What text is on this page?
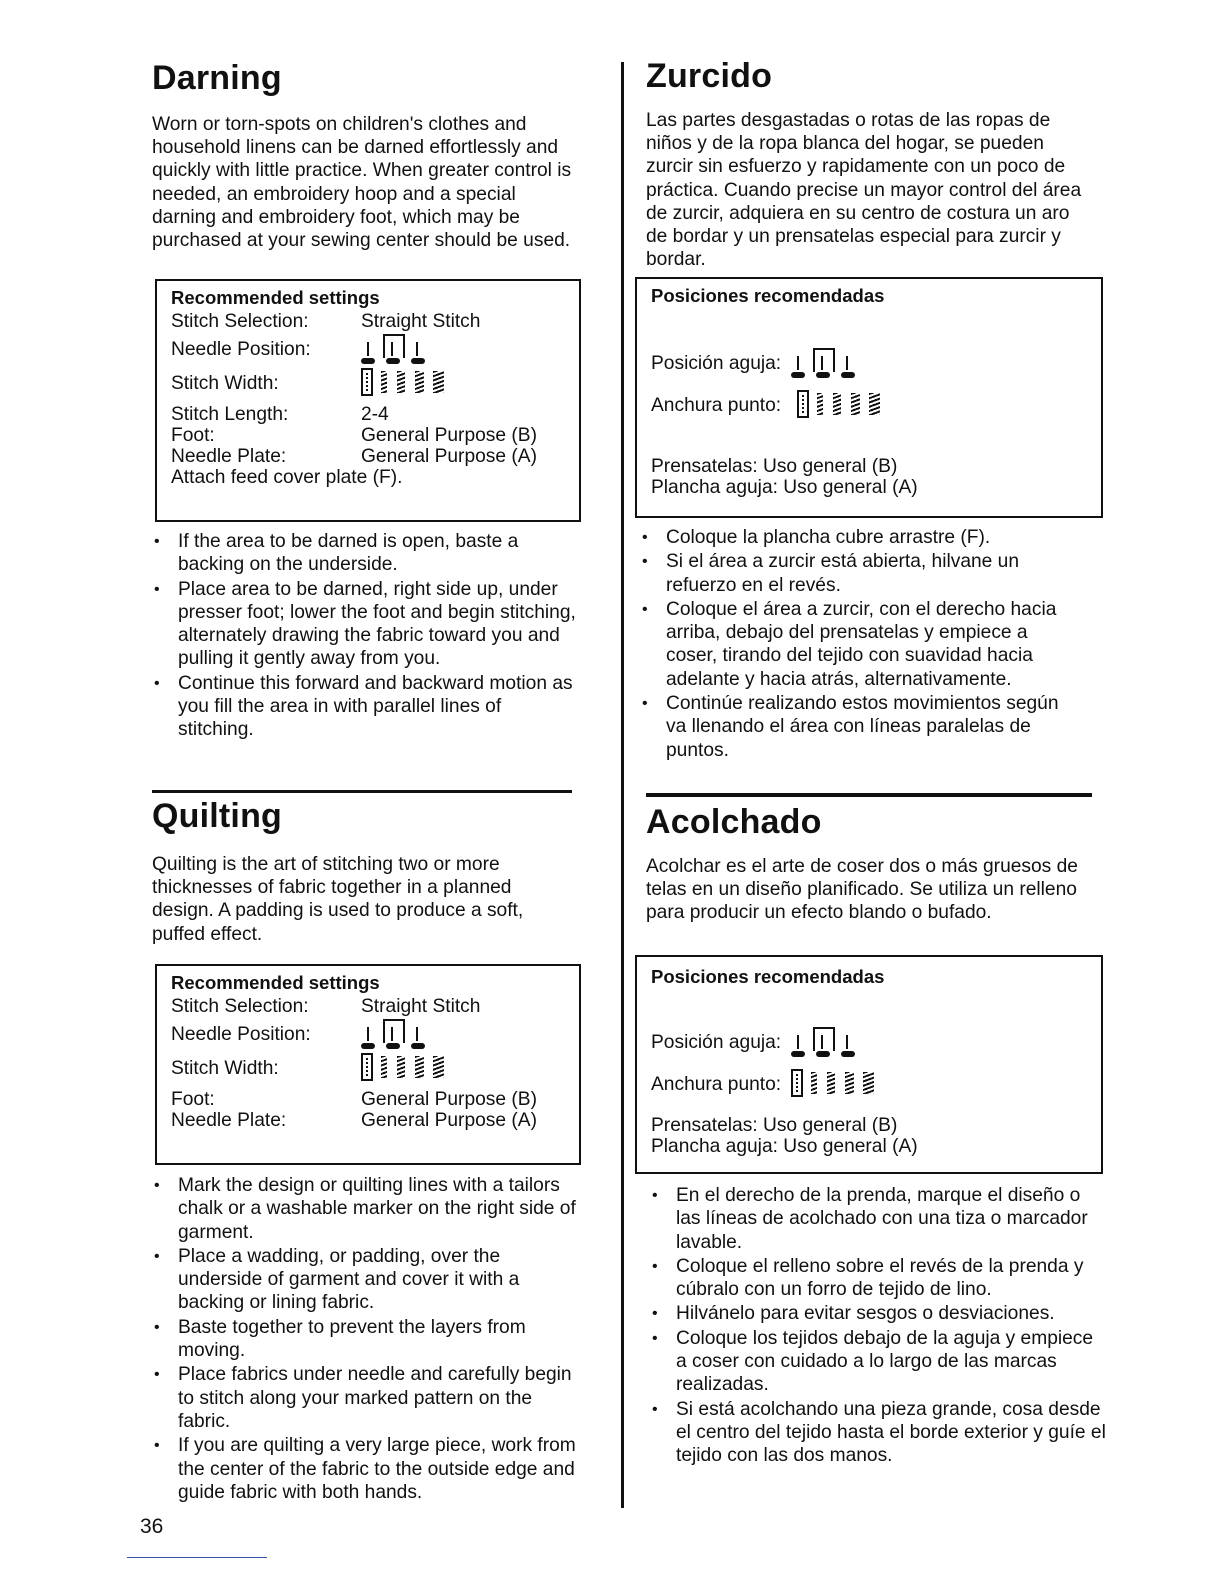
Darning

Worn or torn-spots on children's clothes and household linens can be darned effortlessly and quickly with little practice. When greater control is needed, an embroidery hoop and a special darning and embroidery foot, which may be purchased at your sewing center should be used.

Recommended settings
Stitch Selection:	Straight Stitch
Needle Position:
Stitch Width:
Stitch Length:	2-4
Foot:	General Purpose (B)
Needle Plate:	General Purpose (A)
Attach feed cover plate (F).
• If the area to be darned is open, baste a backing on the underside.
• Place area to be darned, right side up, under presser foot; lower the foot and begin stitching, alternately drawing the fabric toward you and pulling it gently away from you.
• Continue this forward and backward motion as you fill the area in with parallel lines of stitching.
Quilting

Quilting is the art of stitching two or more thicknesses of fabric together in a planned design. A padding is used to produce a soft, puffed effect.

Recommended settings
Stitch Selection:	Straight Stitch
Needle Position:
Stitch Width:
Foot:	General Purpose (B)
Needle Plate:	General Purpose (A)
• Mark the design or quilting lines with a tailors chalk or a washable marker on the right side of garment.
• Place a wadding, or padding, over the underside of garment and cover it with a backing or lining fabric.
• Baste together to prevent the layers from moving.
• Place fabrics under needle and carefully begin to stitch along your marked pattern on the fabric.
• If you are quilting a very large piece, work from the center of the fabric to the outside edge and guide fabric with both hands.
Zurcido

Las partes desgastadas o rotas de las ropas de niños y de la ropa blanca del hogar, se pueden zurcir sin esfuerzo y rapidamente con un poco de práctica. Cuando precise un mayor control del área de zurcir, adquiera en su centro de costura un aro de bordar y un prensatelas especial para zurcir y bordar.

Posiciones recomendadas
Posición aguja:
Anchura punto:
Prensatelas: Uso general (B)
Plancha aguja: Uso general (A)
• Coloque la plancha cubre arrastre (F).
• Si el área a zurcir está abierta, hilvane un refuerzo en el revés.
• Coloque el área a zurcir, con el derecho hacia arriba, debajo del prensatelas y empiece a coser, tirando del tejido con suavidad hacia adelante y hacia atrás, alternativamente.
• Continúe realizando estos movimientos según va llenando el área con líneas paralelas de puntos.
Acolchado

Acolchar es el arte de coser dos o más gruesos de telas en un diseño planificado. Se utiliza un relleno para producir un efecto blando o bufado.

Posiciones recomendadas
Posición aguja:
Anchura punto:
Prensatelas: Uso general (B)
Plancha aguja: Uso general (A)
• En el derecho de la prenda, marque el diseño o las líneas de acolchado con una tiza o marcador lavable.
• Coloque el relleno sobre el revés de la prenda y cúbralo con un forro de tejido de lino.
• Hilvánelo para evitar sesgos o desviaciones.
• Coloque los tejidos debajo de la aguja y empiece a coser con cuidado a lo largo de las marcas realizadas.
• Si está acolchando una pieza grande, cosa desde el centro del tejido hasta el borde exterior y guíe el tejido con las dos manos.
36
